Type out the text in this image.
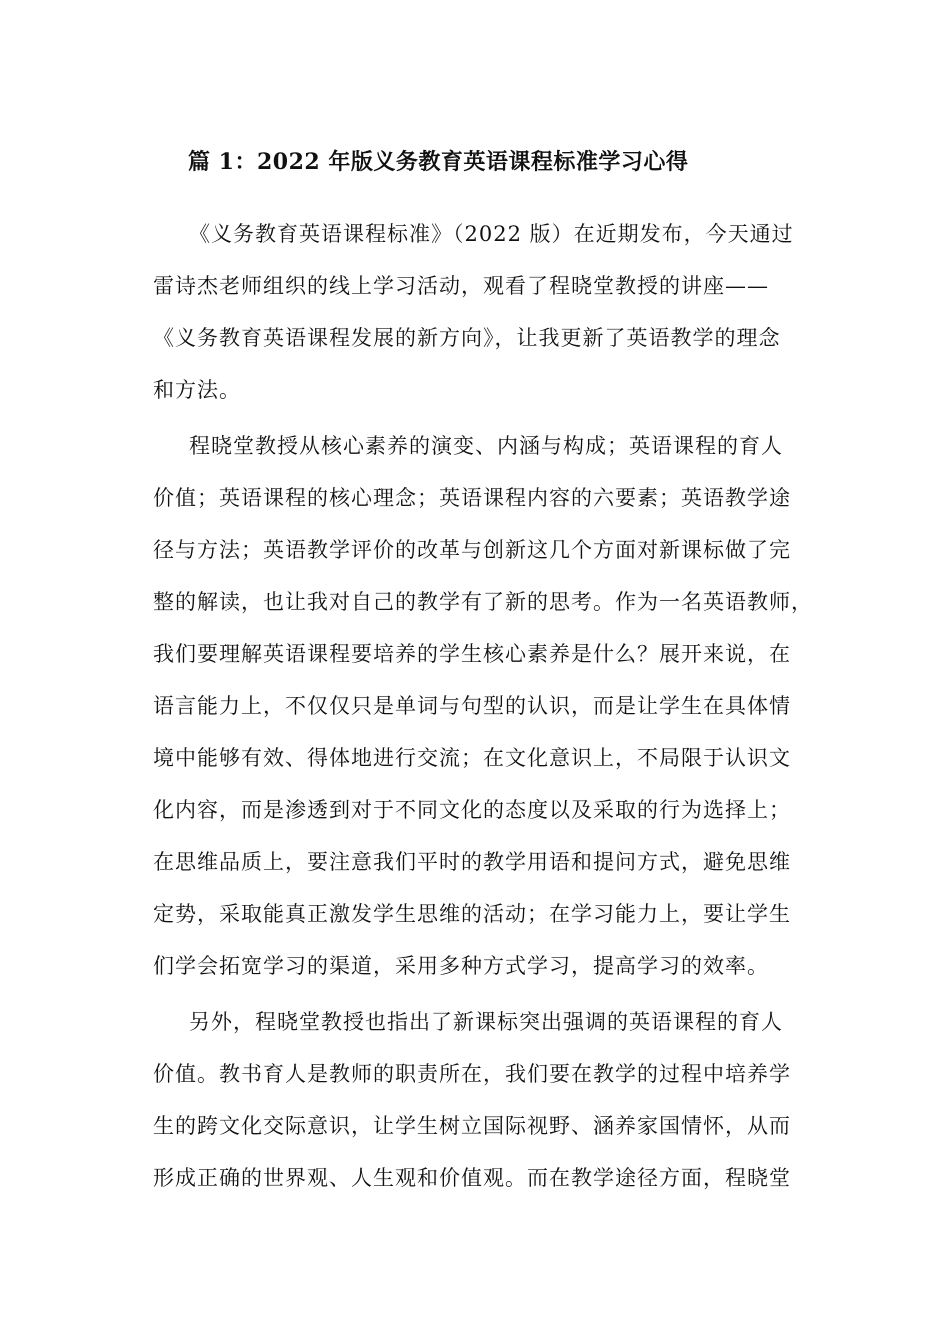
篇 1：2022 年版义务教育英语课程标准学习心得
《义务教育英语课程标准》（2022 版）在近期发布，今天通过
雷诗杰老师组织的线上学习活动，观看了程晓堂教授的讲座——
《义务教育英语课程发展的新方向》，让我更新了英语教学的理念
和方法。
程晓堂教授从核心素养的演变、内涵与构成；英语课程的育人
价值；英语课程的核心理念；英语课程内容的六要素；英语教学途
径与方法；英语教学评价的改革与创新这几个方面对新课标做了完
整的解读，也让我对自己的教学有了新的思考。作为一名英语教师，
我们要理解英语课程要培养的学生核心素养是什么？展开来说，在
语言能力上，不仅仅只是单词与句型的认识，而是让学生在具体情
境中能够有效、得体地进行交流；在文化意识上，不局限于认识文
化内容，而是渗透到对于不同文化的态度以及采取的行为选择上；
在思维品质上，要注意我们平时的教学用语和提问方式，避免思维
定势，采取能真正激发学生思维的活动；在学习能力上，要让学生
们学会拓宽学习的渠道，采用多种方式学习，提高学习的效率。
另外，程晓堂教授也指出了新课标突出强调的英语课程的育人
价值。教书育人是教师的职责所在，我们要在教学的过程中培养学
生的跨文化交际意识，让学生树立国际视野、涵养家国情怀，从而
形成正确的世界观、人生观和价值观。而在教学途径方面，程晓堂
